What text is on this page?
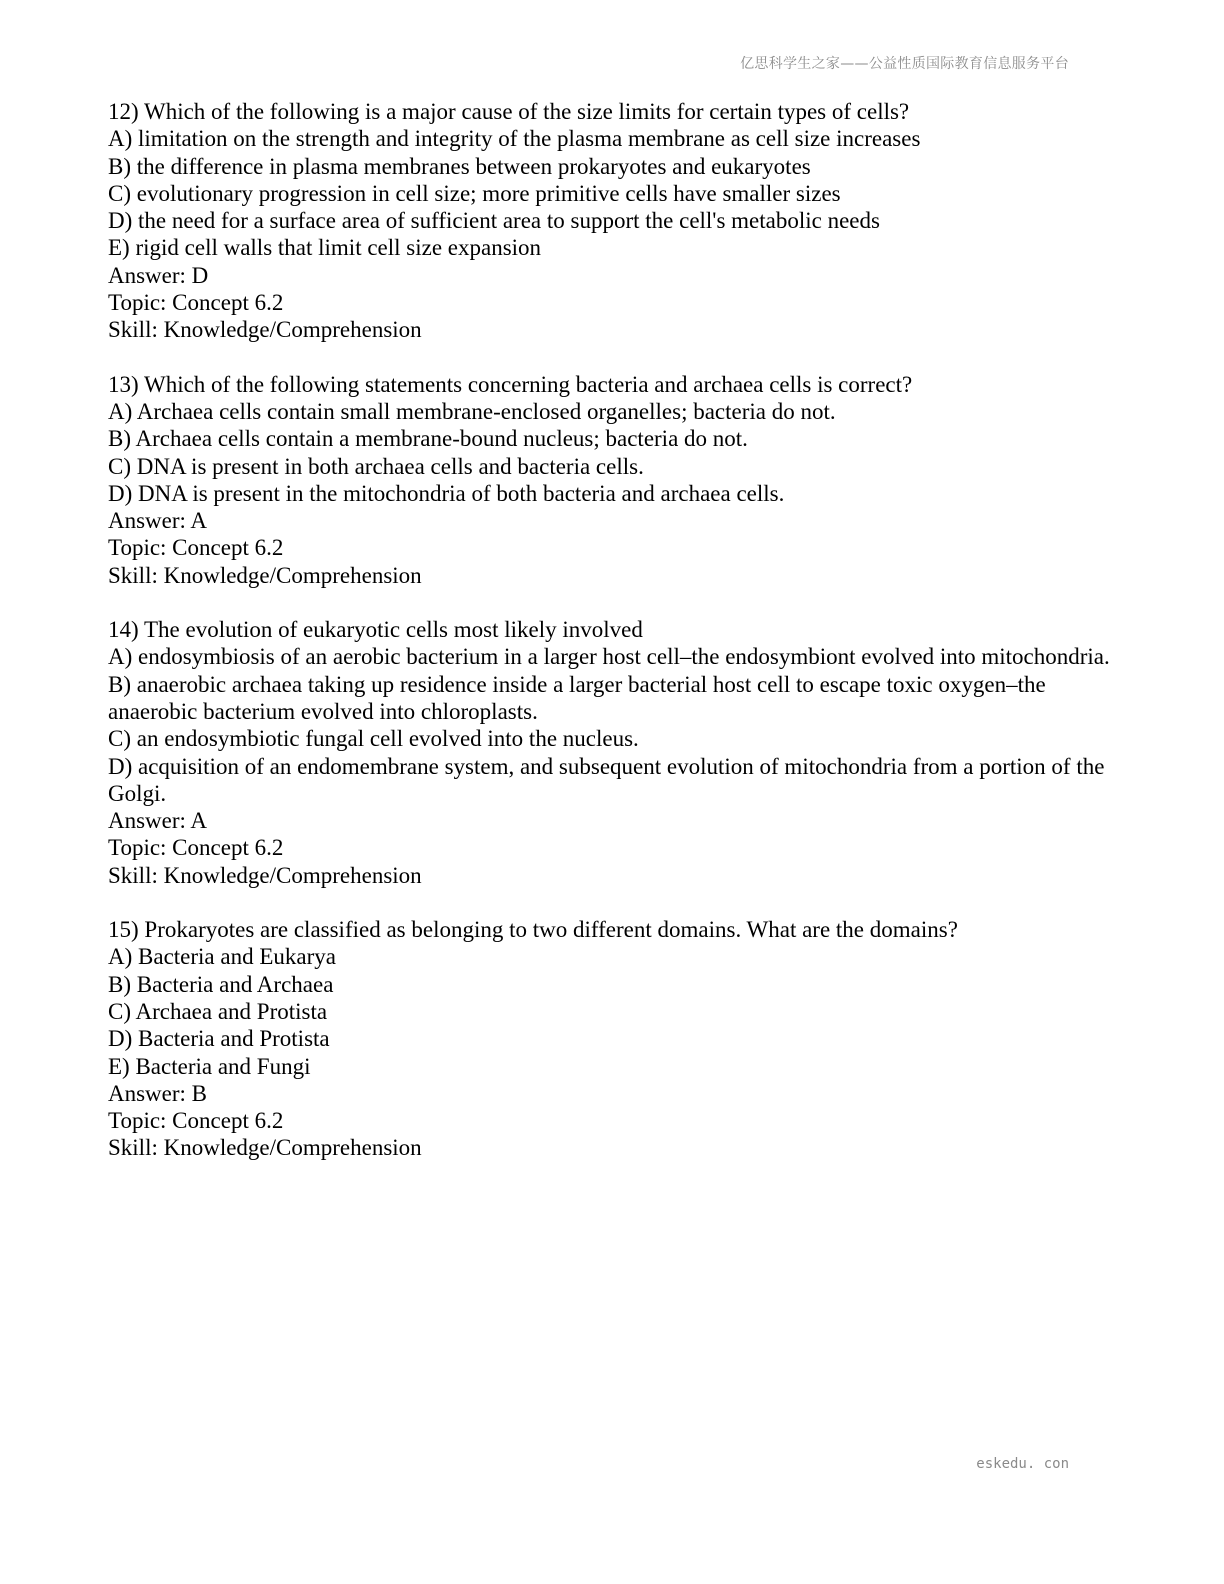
亿思科学生之家——公益性质国际教育信息服务平台
12) Which of the following is a major cause of the size limits for certain types of cells?
A) limitation on the strength and integrity of the plasma membrane as cell size increases
B) the difference in plasma membranes between prokaryotes and eukaryotes
C) evolutionary progression in cell size; more primitive cells have smaller sizes
D) the need for a surface area of sufficient area to support the cell's metabolic needs
E) rigid cell walls that limit cell size expansion
Answer: D
Topic: Concept 6.2
Skill: Knowledge/Comprehension
13) Which of the following statements concerning bacteria and archaea cells is correct?
A) Archaea cells contain small membrane-enclosed organelles; bacteria do not.
B) Archaea cells contain a membrane-bound nucleus; bacteria do not.
C) DNA is present in both archaea cells and bacteria cells.
D) DNA is present in the mitochondria of both bacteria and archaea cells.
Answer: A
Topic: Concept 6.2
Skill: Knowledge/Comprehension
14) The evolution of eukaryotic cells most likely involved
A) endosymbiosis of an aerobic bacterium in a larger host cell–the endosymbiont evolved into mitochondria.
B) anaerobic archaea taking up residence inside a larger bacterial host cell to escape toxic oxygen–the anaerobic bacterium evolved into chloroplasts.
C) an endosymbiotic fungal cell evolved into the nucleus.
D) acquisition of an endomembrane system, and subsequent evolution of mitochondria from a portion of the Golgi.
Answer: A
Topic: Concept 6.2
Skill: Knowledge/Comprehension
15) Prokaryotes are classified as belonging to two different domains. What are the domains?
A) Bacteria and Eukarya
B) Bacteria and Archaea
C) Archaea and Protista
D) Bacteria and Protista
E) Bacteria and Fungi
Answer: B
Topic: Concept 6.2
Skill: Knowledge/Comprehension
eskedu. con
